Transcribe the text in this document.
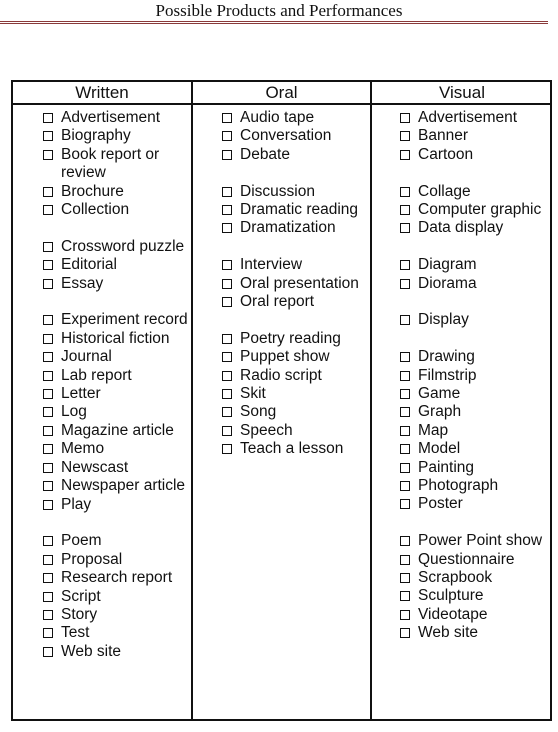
Possible Products and Performances
Written	Oral	Visual
Advertisement
Biography
Book report or review
Brochure
Collection
Crossword puzzle
Editorial
Essay
Experiment record
Historical fiction
Journal
Lab report
Letter
Log
Magazine article
Memo
Newscast
Newspaper article
Play
Poem
Proposal
Research report
Script
Story
Test
Web site
Audio tape
Conversation
Debate
Discussion
Dramatic reading
Dramatization
Interview
Oral presentation
Oral report
Poetry reading
Puppet show
Radio script
Skit
Song
Speech
Teach a lesson
Advertisement
Banner
Cartoon
Collage
Computer graphic
Data display
Diagram
Diorama
Display
Drawing
Filmstrip
Game
Graph
Map
Model
Painting
Photograph
Poster
Power Point show
Questionnaire
Scrapbook
Sculpture
Videotape
Web site
